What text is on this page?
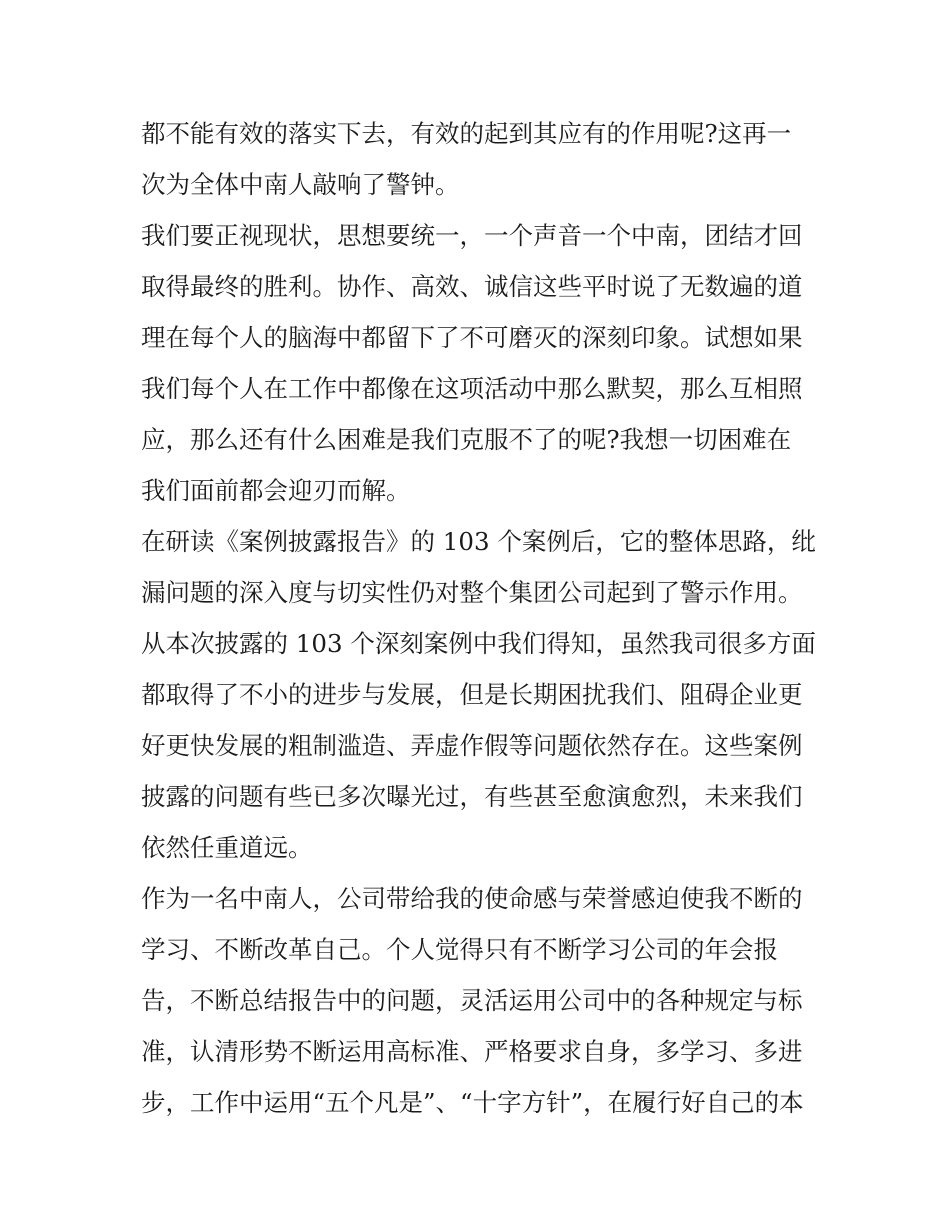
都不能有效的落实下去，有效的起到其应有的作用呢?这再一
次为全体中南人敲响了警钟。
我们要正视现状，思想要统一，一个声音一个中南，团结才回
取得最终的胜利。协作、高效、诚信这些平时说了无数遍的道
理在每个人的脑海中都留下了不可磨灭的深刻印象。试想如果
我们每个人在工作中都像在这项活动中那么默契，那么互相照
应，那么还有什么困难是我们克服不了的呢?我想一切困难在
我们面前都会迎刃而解。
在研读《案例披露报告》的 103 个案例后，它的整体思路，纰
漏问题的深入度与切实性仍对整个集团公司起到了警示作用。
从本次披露的 103 个深刻案例中我们得知，虽然我司很多方面
都取得了不小的进步与发展，但是长期困扰我们、阻碍企业更
好更快发展的粗制滥造、弄虚作假等问题依然存在。这些案例
披露的问题有些已多次曝光过，有些甚至愈演愈烈，未来我们
依然任重道远。
作为一名中南人，公司带给我的使命感与荣誉感迫使我不断的
学习、不断改革自己。个人觉得只有不断学习公司的年会报
告，不断总结报告中的问题，灵活运用公司中的各种规定与标
准，认清形势不断运用高标准、严格要求自身，多学习、多进
步，工作中运用“五个凡是”、“十字方针”，在履行好自己的本
